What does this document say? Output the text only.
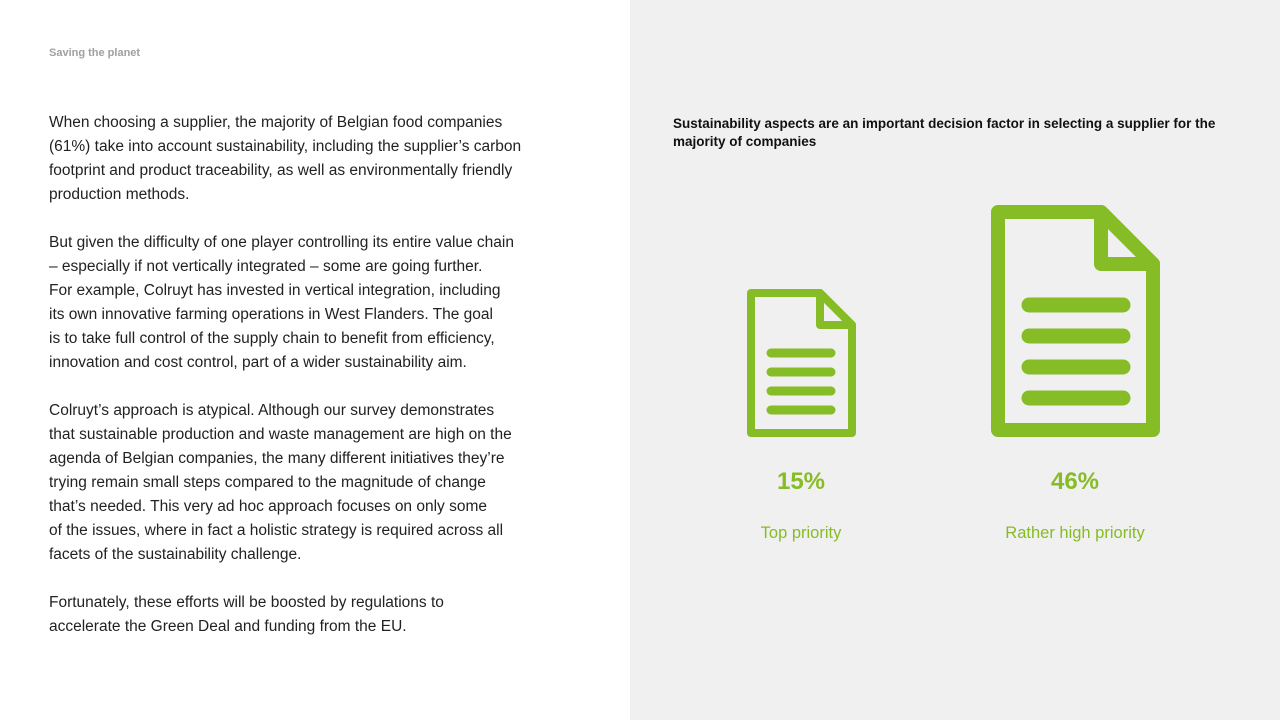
Saving the planet

When choosing a supplier, the majority of Belgian food companies
(61%) take into account sustainability, including the supplier’s carbon
footprint and product traceability, as well as environmentally friendly
production methods.

But given the difficulty of one player controlling its entire value chain
– especially if not vertically integrated – some are going further.
For example, Colruyt has invested in vertical integration, including
its own innovative farming operations in West Flanders. The goal
is to take full control of the supply chain to benefit from efficiency,
innovation and cost control, part of a wider sustainability aim.

Colruyt’s approach is atypical. Although our survey demonstrates
that sustainable production and waste management are high on the
agenda of Belgian companies, the many different initiatives they’re
trying remain small steps compared to the magnitude of change
that’s needed. This very ad hoc approach focuses on only some
of the issues, where in fact a holistic strategy is required across all
facets of the sustainability challenge.

Fortunately, these efforts will be boosted by regulations to
accelerate the Green Deal and funding from the EU.

Sustainability aspects are an important decision factor in selecting a supplier for the majority of companies

15%
Top priority
46%
Rather high priority
